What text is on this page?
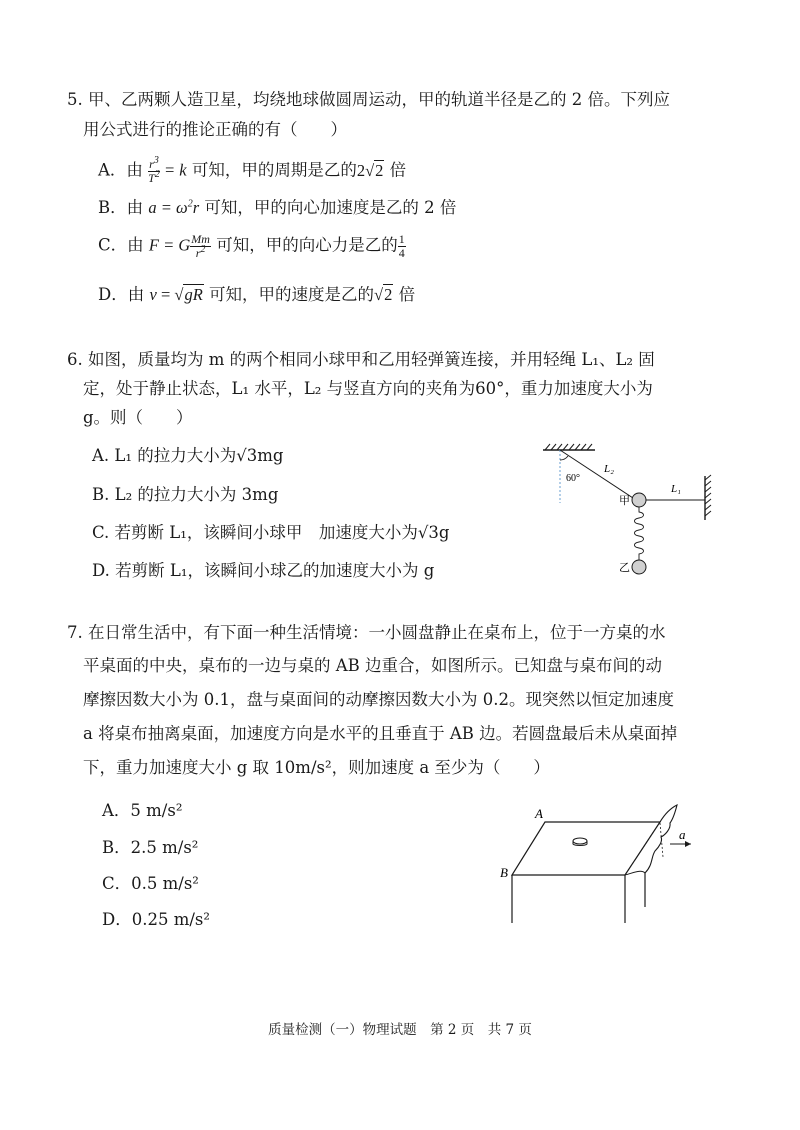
5. 甲、乙两颗人造卫星，均绕地球做圆周运动，甲的轨道半径是乙的 2 倍。下列应
用公式进行的推论正确的有（　　）
A．由 $\frac{r^3}{T^2} = k$ 可知，甲的周期是乙的2√2 倍
B．由 $a = \omega^2r$ 可知，甲的向心加速度是乙的 2 倍
C．由 F = G $\frac{Mm}{r^2}$ 可知，甲的向心力是乙的 $\frac{1}{4}$
D．由 v = √gR 可知，甲的速度是乙的√2 倍
6. 如图，质量均为 m 的两个相同小球甲和乙用轻弹簧连接，并用轻绳 L₁、L₂ 固
定，处于静止状态，L₁ 水平，L₂ 与竖直方向的夹角为60°，重力加速度大小为
g。则（　　）
A. L₁ 的拉力大小为√3mg
B. L₂ 的拉力大小为 3mg
C. 若剪断 L₁，该瞬间小球甲　加速度大小为√3g
D. 若剪断 L₁，该瞬间小球乙的加速度大小为 g
60°
L₂
L₁
甲
乙
7. 在日常生活中，有下面一种生活情境：一小圆盘静止在桌布上，位于一方桌的水
平桌面的中央，桌布的一边与桌的 AB 边重合，如图所示。已知盘与桌布间的动
摩擦因数大小为 0.1，盘与桌面间的动摩擦因数大小为 0.2。现突然以恒定加速度
a 将桌布抽离桌面，加速度方向是水平的且垂直于 AB 边。若圆盘最后未从桌面掉
下，重力加速度大小 g 取 10m/s²，则加速度 a 至少为（　　）
A．5 m/s²
B．2.5 m/s²
C．0.5 m/s²
D．0.25 m/s²
A
B
a
质量检测（一）物理试题　第 2 页　共 7 页
